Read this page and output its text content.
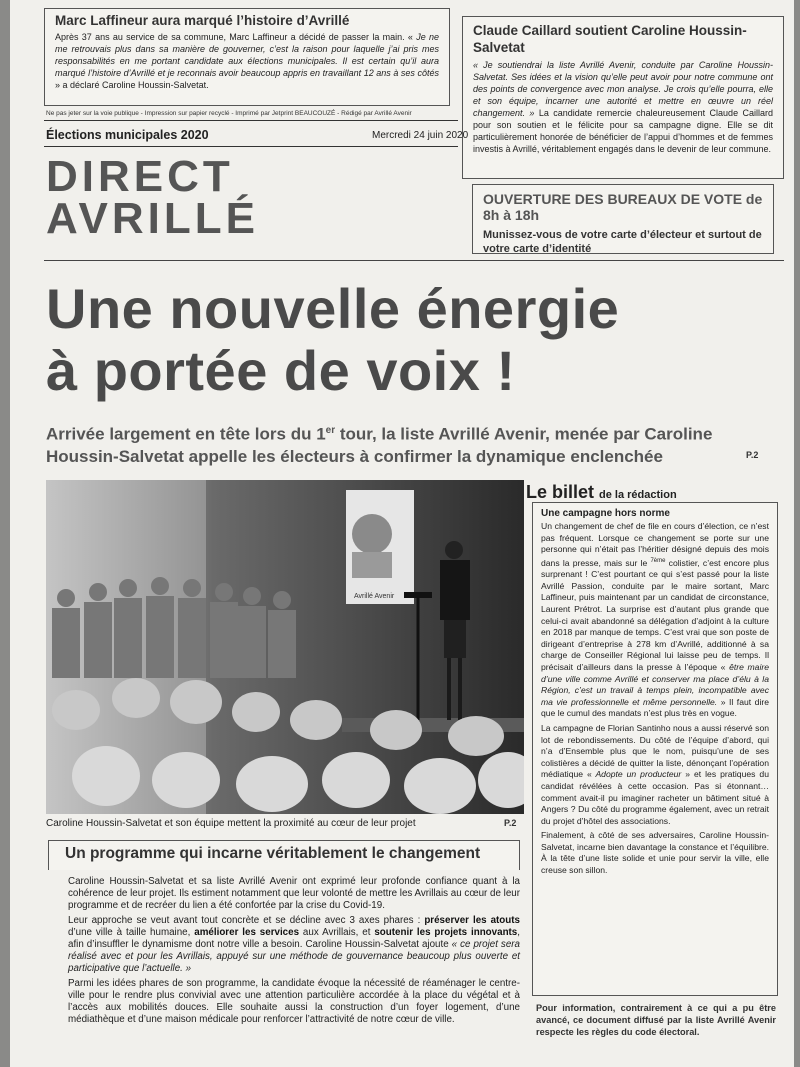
Marc Laffineur aura marqué l’histoire d’Avrillé
Après 37 ans au service de sa commune, Marc Laffineur a décidé de passer la main. « Je ne me retrouvais plus dans sa manière de gouverner, c’est la raison pour laquelle j’ai pris mes responsabilités en me portant candidate aux élections municipales. Il est certain qu’il aura marqué l’histoire d’Avrillé et je reconnais avoir beaucoup appris en travaillant 12 ans à ses côtés » a déclaré Caroline Houssin-Salvetat.
Claude Caillard soutient Caroline Houssin-Salvetat
« Je soutiendrai la liste Avrillé Avenir, conduite par Caroline Houssin-Salvetat. Ses idées et la vision qu’elle peut avoir pour notre commune ont des points de convergence avec mon analyse. Je crois qu’elle pourra, elle et son équipe, incarner une autorité et mettre en œuvre un réel changement. » La candidate remercie chaleureusement Claude Caillard pour son soutien et le félicite pour sa campagne digne. Elle se dit particulièrement honorée de bénéficier de l’appui d’hommes et de femmes investis à Avrillé, véritablement engagés dans le devenir de leur commune.
Ne pas jeter sur la voie publique - Impression sur papier recyclé - Imprimé par Jetprint BEAUCOUZÉ - Rédigé par Avrillé Avenir
Élections municipales 2020	Mercredi 24 juin 2020
DIRECT
AVRILLÉ	OUVERTURE DES BUREAUX DE VOTE de 8h à 18h
Munissez-vous de votre carte d’électeur et surtout de votre carte d’identité
Une nouvelle énergie
à portée de voix !
Arrivée largement en tête lors du 1er tour, la liste Avrillé Avenir, menée par Caroline Houssin-Salvetat appelle les électeurs à confirmer la dynamique enclenchée	P.2
Avrillé Avenir
Caroline Houssin-Salvetat et son équipe mettent la proximité au cœur de leur projet	P.2
Le billet de la rédaction
Une campagne hors norme

Un changement de chef de file en cours d’élection, ce n’est pas fréquent. Lorsque ce changement se porte sur une personne qui n’était pas l’héritier désigné depuis des mois dans la presse, mais sur le $^{7ème}$ colistier, c’est encore plus surprenant ! C’est pourtant ce qui s’est passé pour la liste Avrillé Passion, conduite par le maire sortant, Marc Laffineur, puis maintenant par un candidat de circonstance, Laurent Prétrot. La surprise est d’autant plus grande que celui-ci avait abandonné sa délégation d’adjoint à la culture en 2018 par manque de temps. C’est vrai que son poste de dirigeant d’entreprise à 278 km d’Avrillé, additionné à sa charge de Conseiller Régional lui laisse peu de temps. Il précisait d’ailleurs dans la presse à l’époque « être maire d’une ville comme Avrillé et conserver ma place d’élu à la Région, c’est un travail à temps plein, incompatible avec ma vie professionnelle et même personnelle. » Il faut dire que le cumul des mandats n’est plus très en vogue.

La campagne de Florian Santinho nous a aussi réservé son lot de rebondissements. Du côté de l’équipe d’abord, qui n’a d’Ensemble plus que le nom, puisqu’une de ses colistières a décidé de quitter la liste, dénonçant l’opération médiatique « Adopte un producteur » et les pratiques du candidat révélées à cette occasion. Pas si étonnant… comment avait-il pu imaginer racheter un bâtiment situé à Angers ? Du côté du programme également, avec un retrait du projet d’hôtel des associations.

Finalement, à côté de ses adversaires, Caroline Houssin-Salvetat, incarne bien davantage la constance et l’équilibre. À la tête d’une liste solide et unie pour servir la ville, elle creuse son sillon.

Pour information, contrairement à ce qui a pu être avancé, ce document diffusé par la liste Avrillé Avenir respecte les règles du code électoral.
Un programme qui incarne véritablement le changement

Caroline Houssin-Salvetat et sa liste Avrillé Avenir ont exprimé leur profonde confiance quant à la cohérence de leur projet. Ils estiment notamment que leur volonté de mettre les Avrillais au cœur de leur programme et de recréer du lien a été confortée par la crise du Covid-19.

Leur approche se veut avant tout concrète et se décline avec 3 axes phares : préserver les atouts d’une ville à taille humaine, améliorer les services aux Avrillais, et soutenir les projets innovants, afin d’insuffler le dynamisme dont notre ville a besoin. Caroline Houssin-Salvetat ajoute « ce projet sera réalisé avec et pour les Avrillais, appuyé sur une méthode de gouvernance beaucoup plus ouverte et participative que l’actuelle. »

Parmi les idées phares de son programme, la candidate évoque la nécessité de réaménager le centre-ville pour le rendre plus convivial avec une attention particulière accordée à la place du végétal et à l’accès aux mobilités douces. Elle souhaite aussi la construction d’un foyer logement, d’une médiathèque et d’une maison médicale pour renforcer l’attractivité de notre cœur de ville.
